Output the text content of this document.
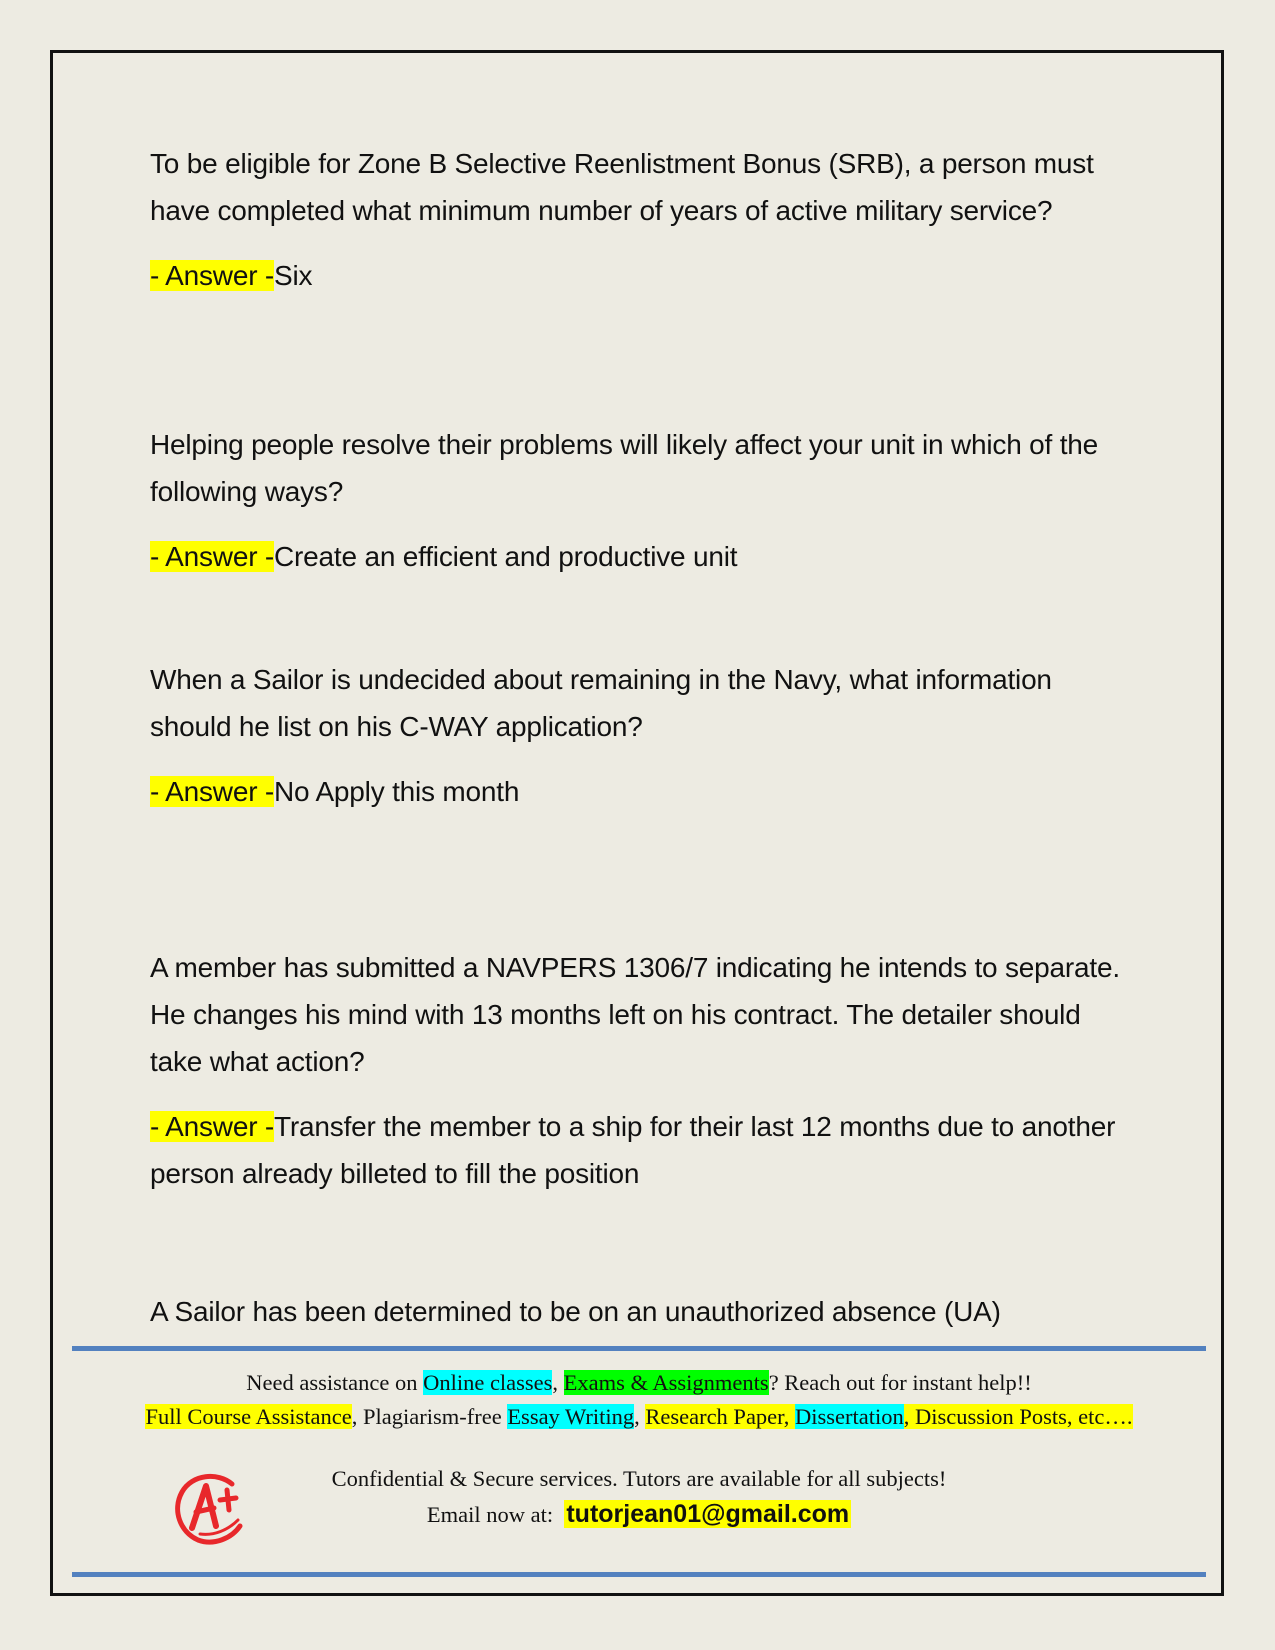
To be eligible for Zone B Selective Reenlistment Bonus (SRB), a person must have completed what minimum number of years of active military service?

- Answer -Six

Helping people resolve their problems will likely affect your unit in which of the following ways?

- Answer -Create an efficient and productive unit

When a Sailor is undecided about remaining in the Navy, what information should he list on his C-WAY application?

- Answer -No Apply this month

A member has submitted a NAVPERS 1306/7 indicating he intends to separate. He changes his mind with 13 months left on his contract. The detailer should take what action?

- Answer -Transfer the member to a ship for their last 12 months due to another person already billeted to fill the position

A Sailor has been determined to be on an unauthorized absence (UA)

Need assistance on Online classes, Exams & Assignments? Reach out for instant help!!
Full Course Assistance, Plagiarism-free Essay Writing, Research Paper, Dissertation, Discussion Posts, etc….
Confidential & Secure services. Tutors are available for all subjects!
Email now at:  tutorjean01@gmail.com
